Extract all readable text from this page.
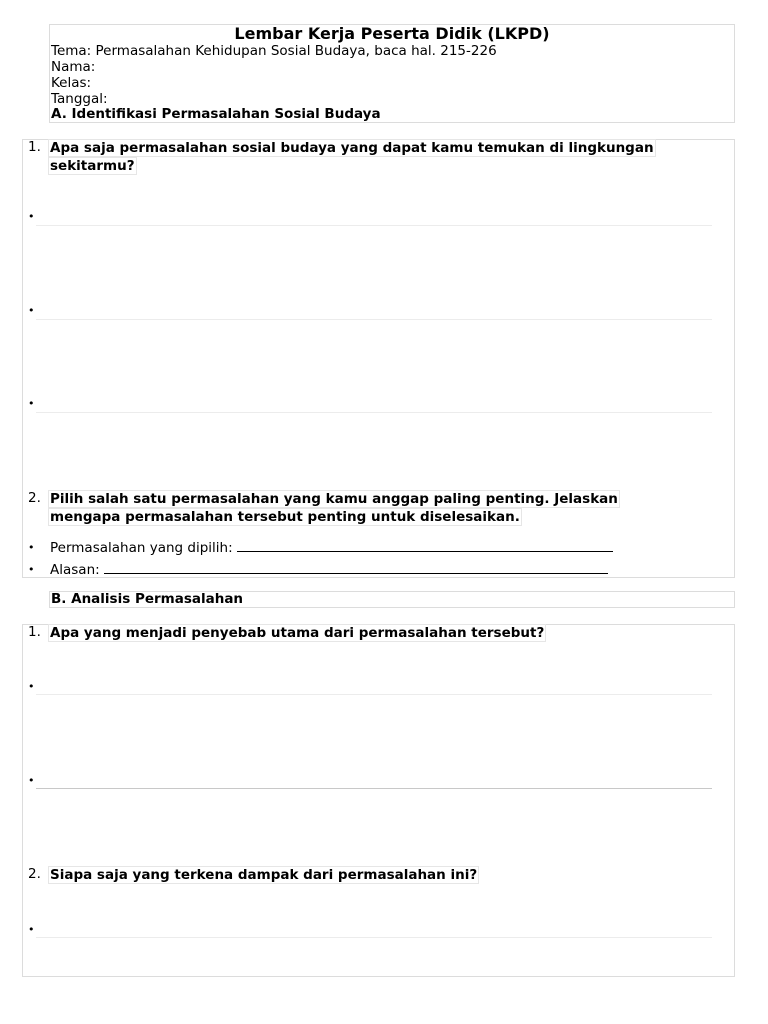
Lembar Kerja Peserta Didik (LKPD)
Tema: Permasalahan Kehidupan Sosial Budaya, baca hal. 215-226
Nama:
Kelas:
Tanggal:
A. Identifikasi Permasalahan Sosial Budaya
1. Apa saja permasalahan sosial budaya yang dapat kamu temukan di lingkungan
sekitarmu?
•
•
•
2. Pilih salah satu permasalahan yang kamu anggap paling penting. Jelaskan
mengapa permasalahan tersebut penting untuk diselesaikan.
• Permasalahan yang dipilih:
• Alasan:
B. Analisis Permasalahan
1. Apa yang menjadi penyebab utama dari permasalahan tersebut?
•
•
2. Siapa saja yang terkena dampak dari permasalahan ini?
•
